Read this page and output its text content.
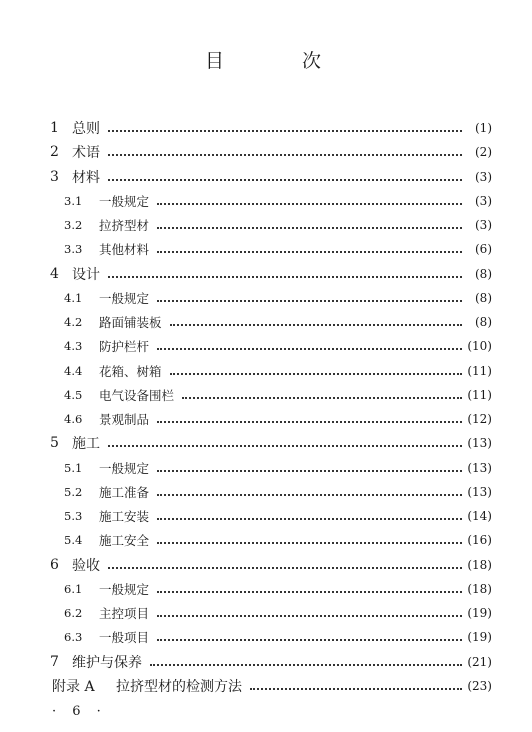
目 次
1 总则	(1)
2 术语	(2)
3 材料	(3)
3.1	一般规定	(3)
3.2	拉挤型材	(3)
3.3	其他材料	(6)
4 设计	(8)
4.1	一般规定	(8)
4.2	路面铺装板	(8)
4.3	防护栏杆	(10)
4.4	花箱、树箱	(11)
4.5	电气设备围栏	(11)
4.6	景观制品	(12)
5 施工	(13)
5.1	一般规定	(13)
5.2	施工准备	(13)
5.3	施工安装	(14)
5.4	施工安全	(16)
6 验收	(18)
6.1	一般规定	(18)
6.2	主控项目	(19)
6.3	一般项目	(19)
7 维护与保养	(21)
附录 A	拉挤型材的检测方法	(23)
· 6 ·
